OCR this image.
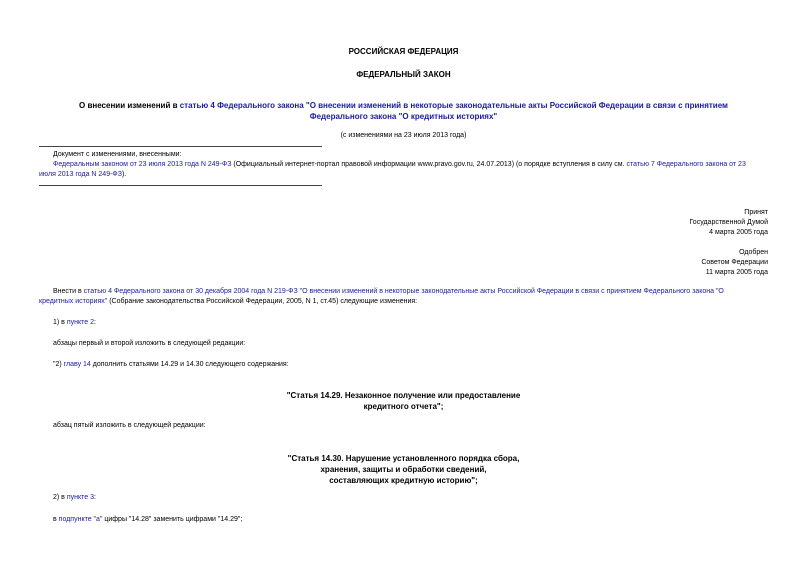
РОССИЙСКАЯ ФЕДЕРАЦИЯ
ФЕДЕРАЛЬНЫЙ ЗАКОН
О внесении изменений в статью 4 Федерального закона "О внесении изменений в некоторые законодательные акты Российской Федерации в связи с принятием
Федерального закона "О кредитных историях"
(с изменениями на 23 июля 2013 года)
Документ с изменениями, внесенными:
Федеральным законом от 23 июля 2013 года N 249-ФЗ (Официальный интернет-портал правовой информации www.pravo.gov.ru, 24.07.2013) (о порядке вступления в силу см. статью 7 Федерального закона от 23
июля 2013 года N 249-ФЗ).
Принят
Государственной Думой
4 марта 2005 года
Одобрен
Советом Федерации
11 марта 2005 года
Внести в статью 4 Федерального закона от 30 декабря 2004 года N 219-ФЗ "О внесении изменений в некоторые законодательные акты Российской Федерации в связи с принятием Федерального закона "О
кредитных историях" (Собрание законодательства Российской Федерации, 2005, N 1, ст.45) следующие изменения:
1) в пункте 2:
абзацы первый и второй изложить в следующей редакции:
"2) главу 14 дополнить статьями 14.29 и 14.30 следующего содержания:
"Статья 14.29. Незаконное получение или предоставление
кредитного отчета";
абзац пятый изложить в следующей редакции:
"Статья 14.30. Нарушение установленного порядка сбора,
хранения, защиты и обработки сведений,
составляющих кредитную историю";
2) в пункте 3:
в подпункте "а" цифры "14.28" заменить цифрами "14.29";
